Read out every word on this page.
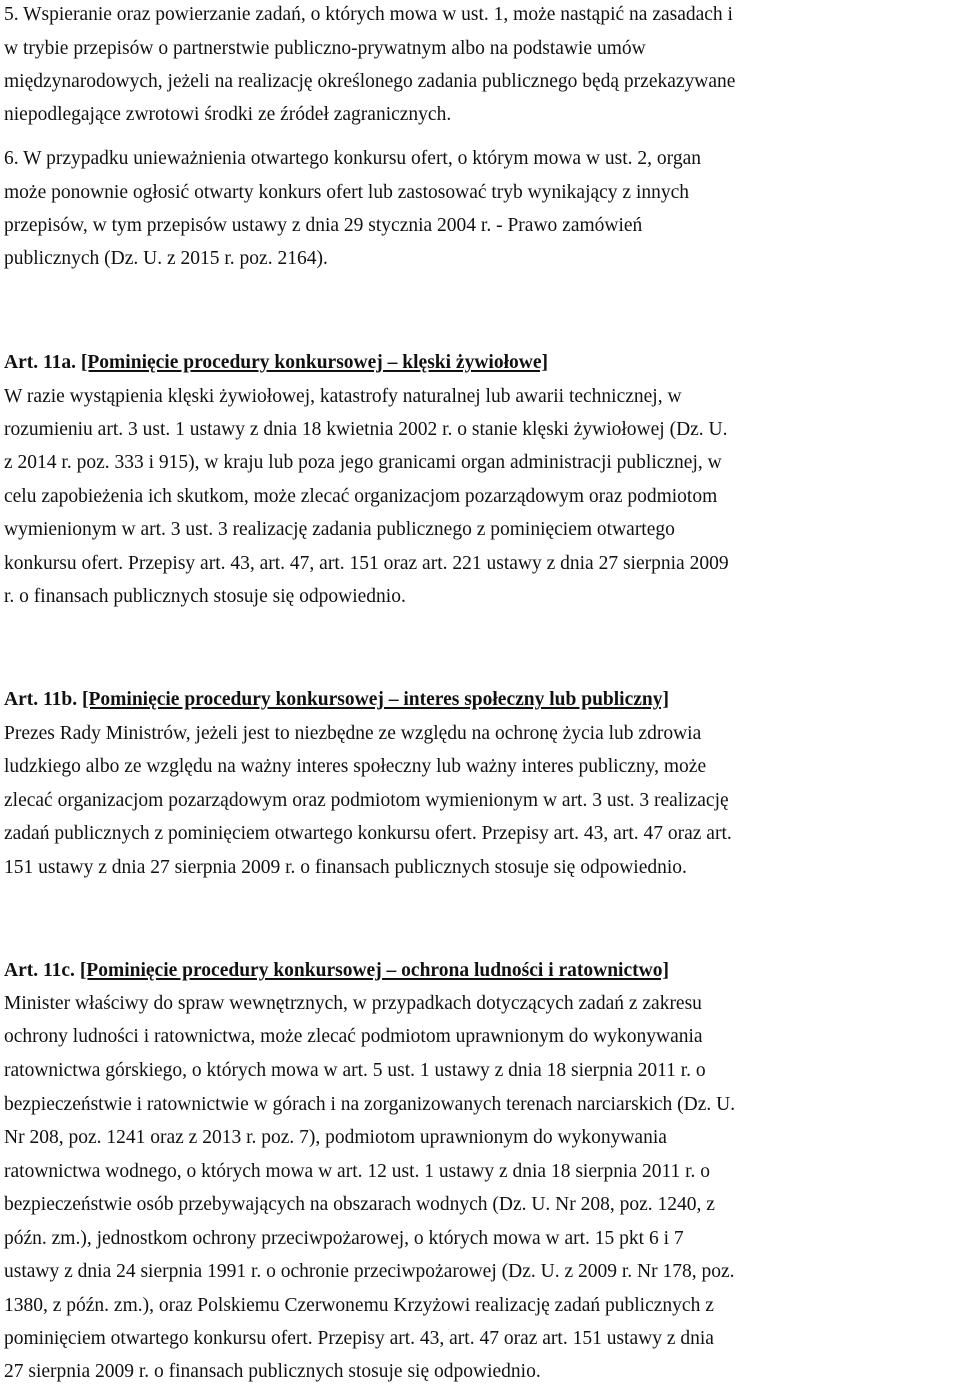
5. Wspieranie oraz powierzanie zadań, o których mowa w ust. 1, może nastąpić na zasadach i
w trybie przepisów o partnerstwie publiczno-prywatnym albo na podstawie umów
międzynarodowych, jeżeli na realizację określonego zadania publicznego będą przekazywane
niepodlegające zwrotowi środki ze źródeł zagranicznych.
6. W przypadku unieważnienia otwartego konkursu ofert, o którym mowa w ust. 2, organ
może ponownie ogłosić otwarty konkurs ofert lub zastosować tryb wynikający z innych
przepisów, w tym przepisów ustawy z dnia 29 stycznia 2004 r. - Prawo zamówień
publicznych (Dz. U. z 2015 r. poz. 2164).
Art. 11a. [Pominięcie procedury konkursowej – klęski żywiołowe]
W razie wystąpienia klęski żywiołowej, katastrofy naturalnej lub awarii technicznej, w
rozumieniu art. 3 ust. 1 ustawy z dnia 18 kwietnia 2002 r. o stanie klęski żywiołowej (Dz. U.
z 2014 r. poz. 333 i 915), w kraju lub poza jego granicami organ administracji publicznej, w
celu zapobieżenia ich skutkom, może zlecać organizacjom pozarządowym oraz podmiotom
wymienionym w art. 3 ust. 3 realizację zadania publicznego z pominięciem otwartego
konkursu ofert. Przepisy art. 43, art. 47, art. 151 oraz art. 221 ustawy z dnia 27 sierpnia 2009
r. o finansach publicznych stosuje się odpowiednio.
Art. 11b. [Pominięcie procedury konkursowej – interes społeczny lub publiczny]
Prezes Rady Ministrów, jeżeli jest to niezbędne ze względu na ochronę życia lub zdrowia
ludzkiego albo ze względu na ważny interes społeczny lub ważny interes publiczny, może
zlecać organizacjom pozarządowym oraz podmiotom wymienionym w art. 3 ust. 3 realizację
zadań publicznych z pominięciem otwartego konkursu ofert. Przepisy art. 43, art. 47 oraz art.
151 ustawy z dnia 27 sierpnia 2009 r. o finansach publicznych stosuje się odpowiednio.
Art. 11c. [Pominięcie procedury konkursowej – ochrona ludności i ratownictwo]
Minister właściwy do spraw wewnętrznych, w przypadkach dotyczących zadań z zakresu
ochrony ludności i ratownictwa, może zlecać podmiotom uprawnionym do wykonywania
ratownictwa górskiego, o których mowa w art. 5 ust. 1 ustawy z dnia 18 sierpnia 2011 r. o
bezpieczeństwie i ratownictwie w górach i na zorganizowanych terenach narciarskich (Dz. U.
Nr 208, poz. 1241 oraz z 2013 r. poz. 7), podmiotom uprawnionym do wykonywania
ratownictwa wodnego, o których mowa w art. 12 ust. 1 ustawy z dnia 18 sierpnia 2011 r. o
bezpieczeństwie osób przebywających na obszarach wodnych (Dz. U. Nr 208, poz. 1240, z
późn. zm.), jednostkom ochrony przeciwpożarowej, o których mowa w art. 15 pkt 6 i 7
ustawy z dnia 24 sierpnia 1991 r. o ochronie przeciwpożarowej (Dz. U. z 2009 r. Nr 178, poz.
1380, z późn. zm.), oraz Polskiemu Czerwonemu Krzyżowi realizację zadań publicznych z
pominięciem otwartego konkursu ofert. Przepisy art. 43, art. 47 oraz art. 151 ustawy z dnia
27 sierpnia 2009 r. o finansach publicznych stosuje się odpowiednio.
